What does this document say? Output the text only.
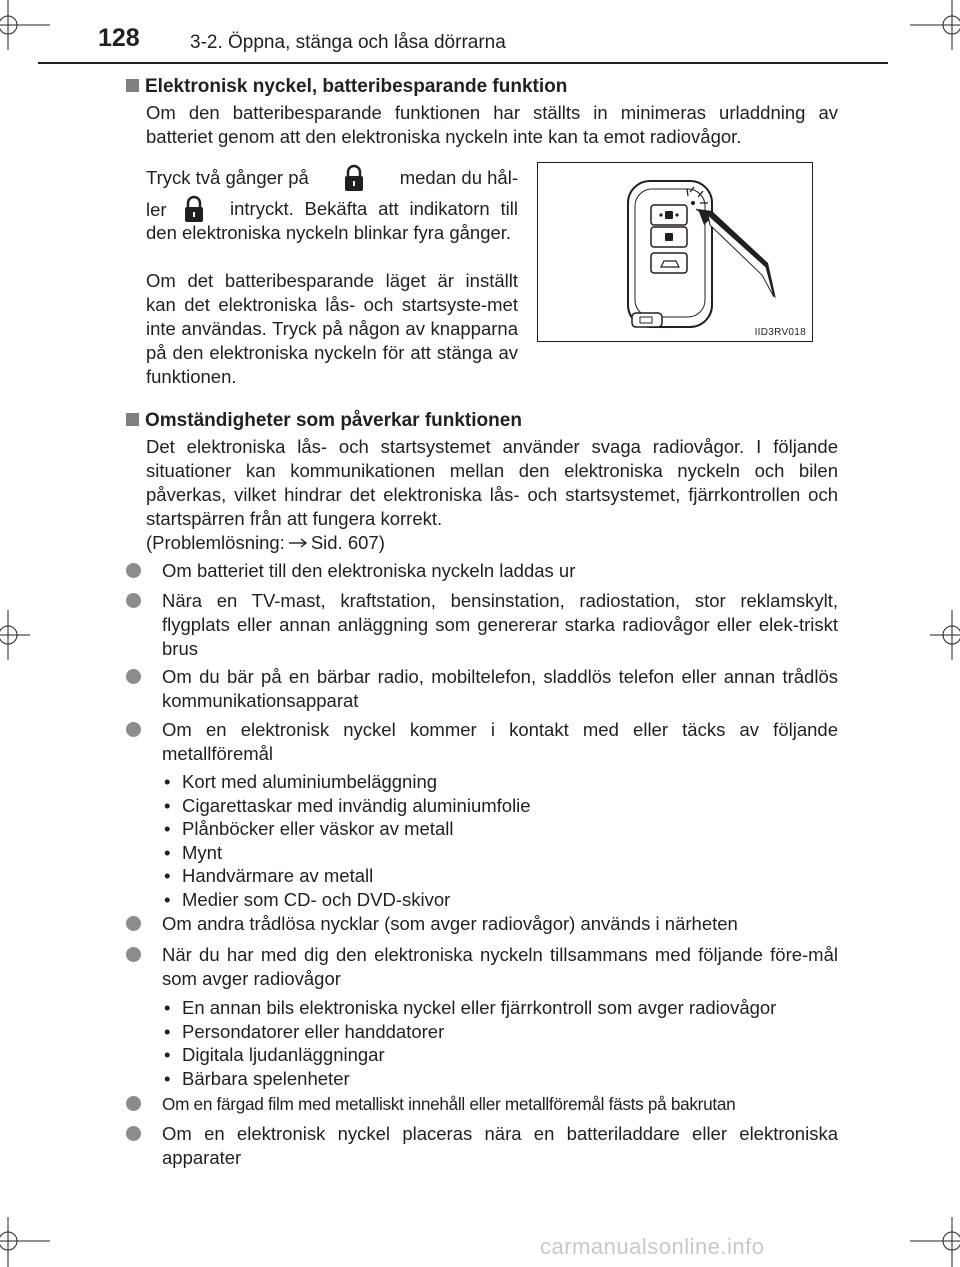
128	3-2. Öppna, stänga och låsa dörrarna
Elektronisk nyckel, batteribesparande funktion
Om den batteribesparande funktionen har ställts in minimeras urladdning av batteriet genom att den elektroniska nyckeln inte kan ta emot radiovågor.
Tryck två gånger på	medan du hål-
ler	intryckt. Bekäfta att indikatorn till den elektroniska nyckeln blinkar fyra gånger.
Om det batteribesparande läget är inställt kan det elektroniska lås- och startsyste-met inte användas. Tryck på någon av knapparna på den elektroniska nyckeln för att stänga av funktionen.
IID3RV018
Omständigheter som påverkar funktionen
Det elektroniska lås- och startsystemet använder svaga radiovågor. I följande situationer kan kommunikationen mellan den elektroniska nyckeln och bilen påverkas, vilket hindrar det elektroniska lås- och startsystemet, fjärrkontrollen och startspärren från att fungera korrekt.
(Problemlösning: Sid. 607)
Om batteriet till den elektroniska nyckeln laddas ur
Nära en TV-mast, kraftstation, bensinstation, radiostation, stor reklamskylt, flygplats eller annan anläggning som genererar starka radiovågor eller elek-triskt brus
Om du bär på en bärbar radio, mobiltelefon, sladdlös telefon eller annan trådlös kommunikationsapparat
Om en elektronisk nyckel kommer i kontakt med eller täcks av följande metallföremål
• Kort med aluminiumbeläggning
• Cigarettaskar med invändig aluminiumfolie
• Plånböcker eller väskor av metall
• Mynt
• Handvärmare av metall
• Medier som CD- och DVD-skivor
Om andra trådlösa nycklar (som avger radiovågor) används i närheten
När du har med dig den elektroniska nyckeln tillsammans med följande före-mål som avger radiovågor
• En annan bils elektroniska nyckel eller fjärrkontroll som avger radiovågor
• Persondatorer eller handdatorer
• Digitala ljudanläggningar
• Bärbara spelenheter
Om en färgad film med metalliskt innehåll eller metallföremål fästs på bakrutan
Om en elektronisk nyckel placeras nära en batteriladdare eller elektroniska apparater
carmanualsonline.info
